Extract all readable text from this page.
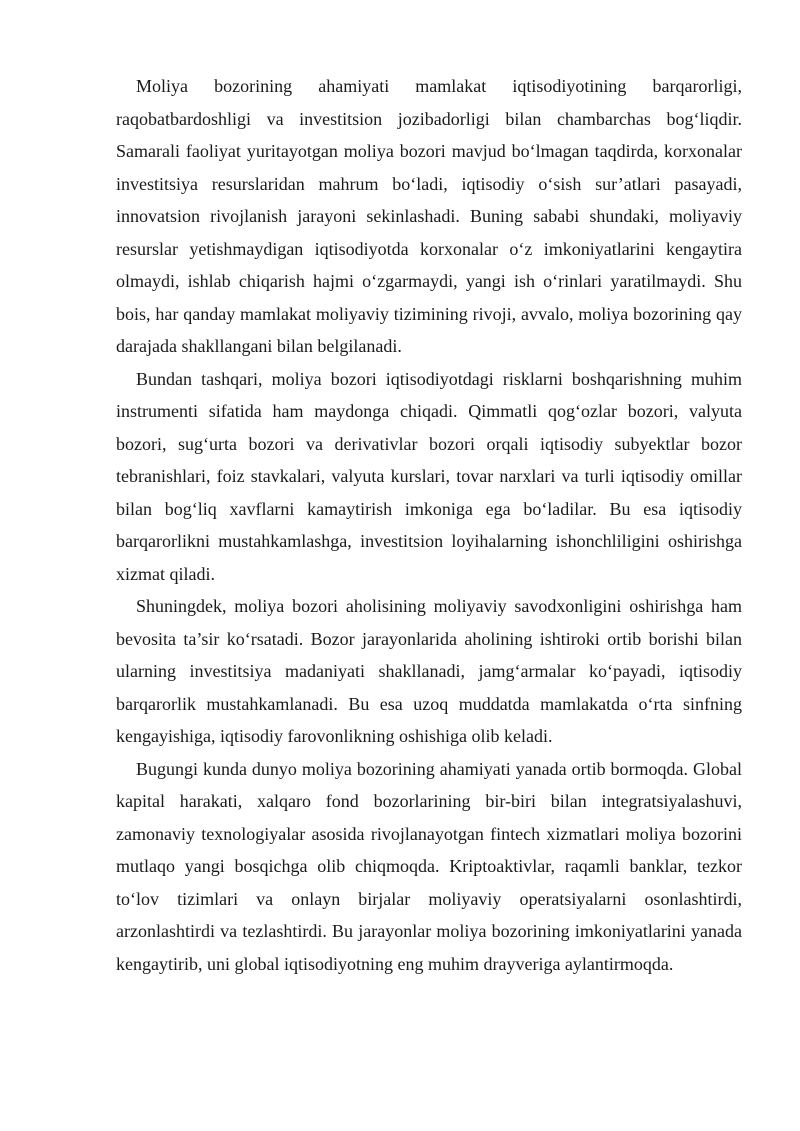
Moliya bozorining ahamiyati mamlakat iqtisodiyotining barqarorligi, raqobatbardoshligi va investitsion jozibadorligi bilan chambarchas bog‘liqdir. Samarali faoliyat yuritayotgan moliya bozori mavjud bo‘lmagan taqdirda, korxonalar investitsiya resurslaridan mahrum bo‘ladi, iqtisodiy o‘sish sur’atlari pasayadi, innovatsion rivojlanish jarayoni sekinlashadi. Buning sababi shundaki, moliyaviy resurslar yetishmaydigan iqtisodiyotda korxonalar o‘z imkoniyatlarini kengaytira olmaydi, ishlab chiqarish hajmi o‘zgarmaydi, yangi ish o‘rinlari yaratilmaydi. Shu bois, har qanday mamlakat moliyaviy tizimining rivoji, avvalo, moliya bozorining qay darajada shakllangani bilan belgilanadi.

Bundan tashqari, moliya bozori iqtisodiyotdagi risklarni boshqarishning muhim instrumenti sifatida ham maydonga chiqadi. Qimmatli qog‘ozlar bozori, valyuta bozori, sug‘urta bozori va derivativlar bozori orqali iqtisodiy subyektlar bozor tebranishlari, foiz stavkalari, valyuta kurslari, tovar narxlari va turli iqtisodiy omillar bilan bog‘liq xavflarni kamaytirish imkoniga ega bo‘ladilar. Bu esa iqtisodiy barqarorlikni mustahkamlashga, investitsion loyihalarning ishonchliligini oshirishga xizmat qiladi.

Shuningdek, moliya bozori aholisining moliyaviy savodxonligini oshirishga ham bevosita ta’sir ko‘rsatadi. Bozor jarayonlarida aholining ishtiroki ortib borishi bilan ularning investitsiya madaniyati shakllanadi, jamg‘armalar ko‘payadi, iqtisodiy barqarorlik mustahkamlanadi. Bu esa uzoq muddatda mamlakatda o‘rta sinfning kengayishiga, iqtisodiy farovonlikning oshishiga olib keladi.

Bugungi kunda dunyo moliya bozorining ahamiyati yanada ortib bormoqda. Global kapital harakati, xalqaro fond bozorlarining bir-biri bilan integratsiyalashuvi, zamonaviy texnologiyalar asosida rivojlanayotgan fintech xizmatlari moliya bozorini mutlaqo yangi bosqichga olib chiqmoqda. Kriptoaktivlar, raqamli banklar, tezkor to‘lov tizimlari va onlayn birjalar moliyaviy operatsiyalarni osonlashtirdi, arzonlashtirdi va tezlashtirdi. Bu jarayonlar moliya bozorining imkoniyatlarini yanada kengaytirib, uni global iqtisodiyotning eng muhim drayveriga aylantirmoqda.
